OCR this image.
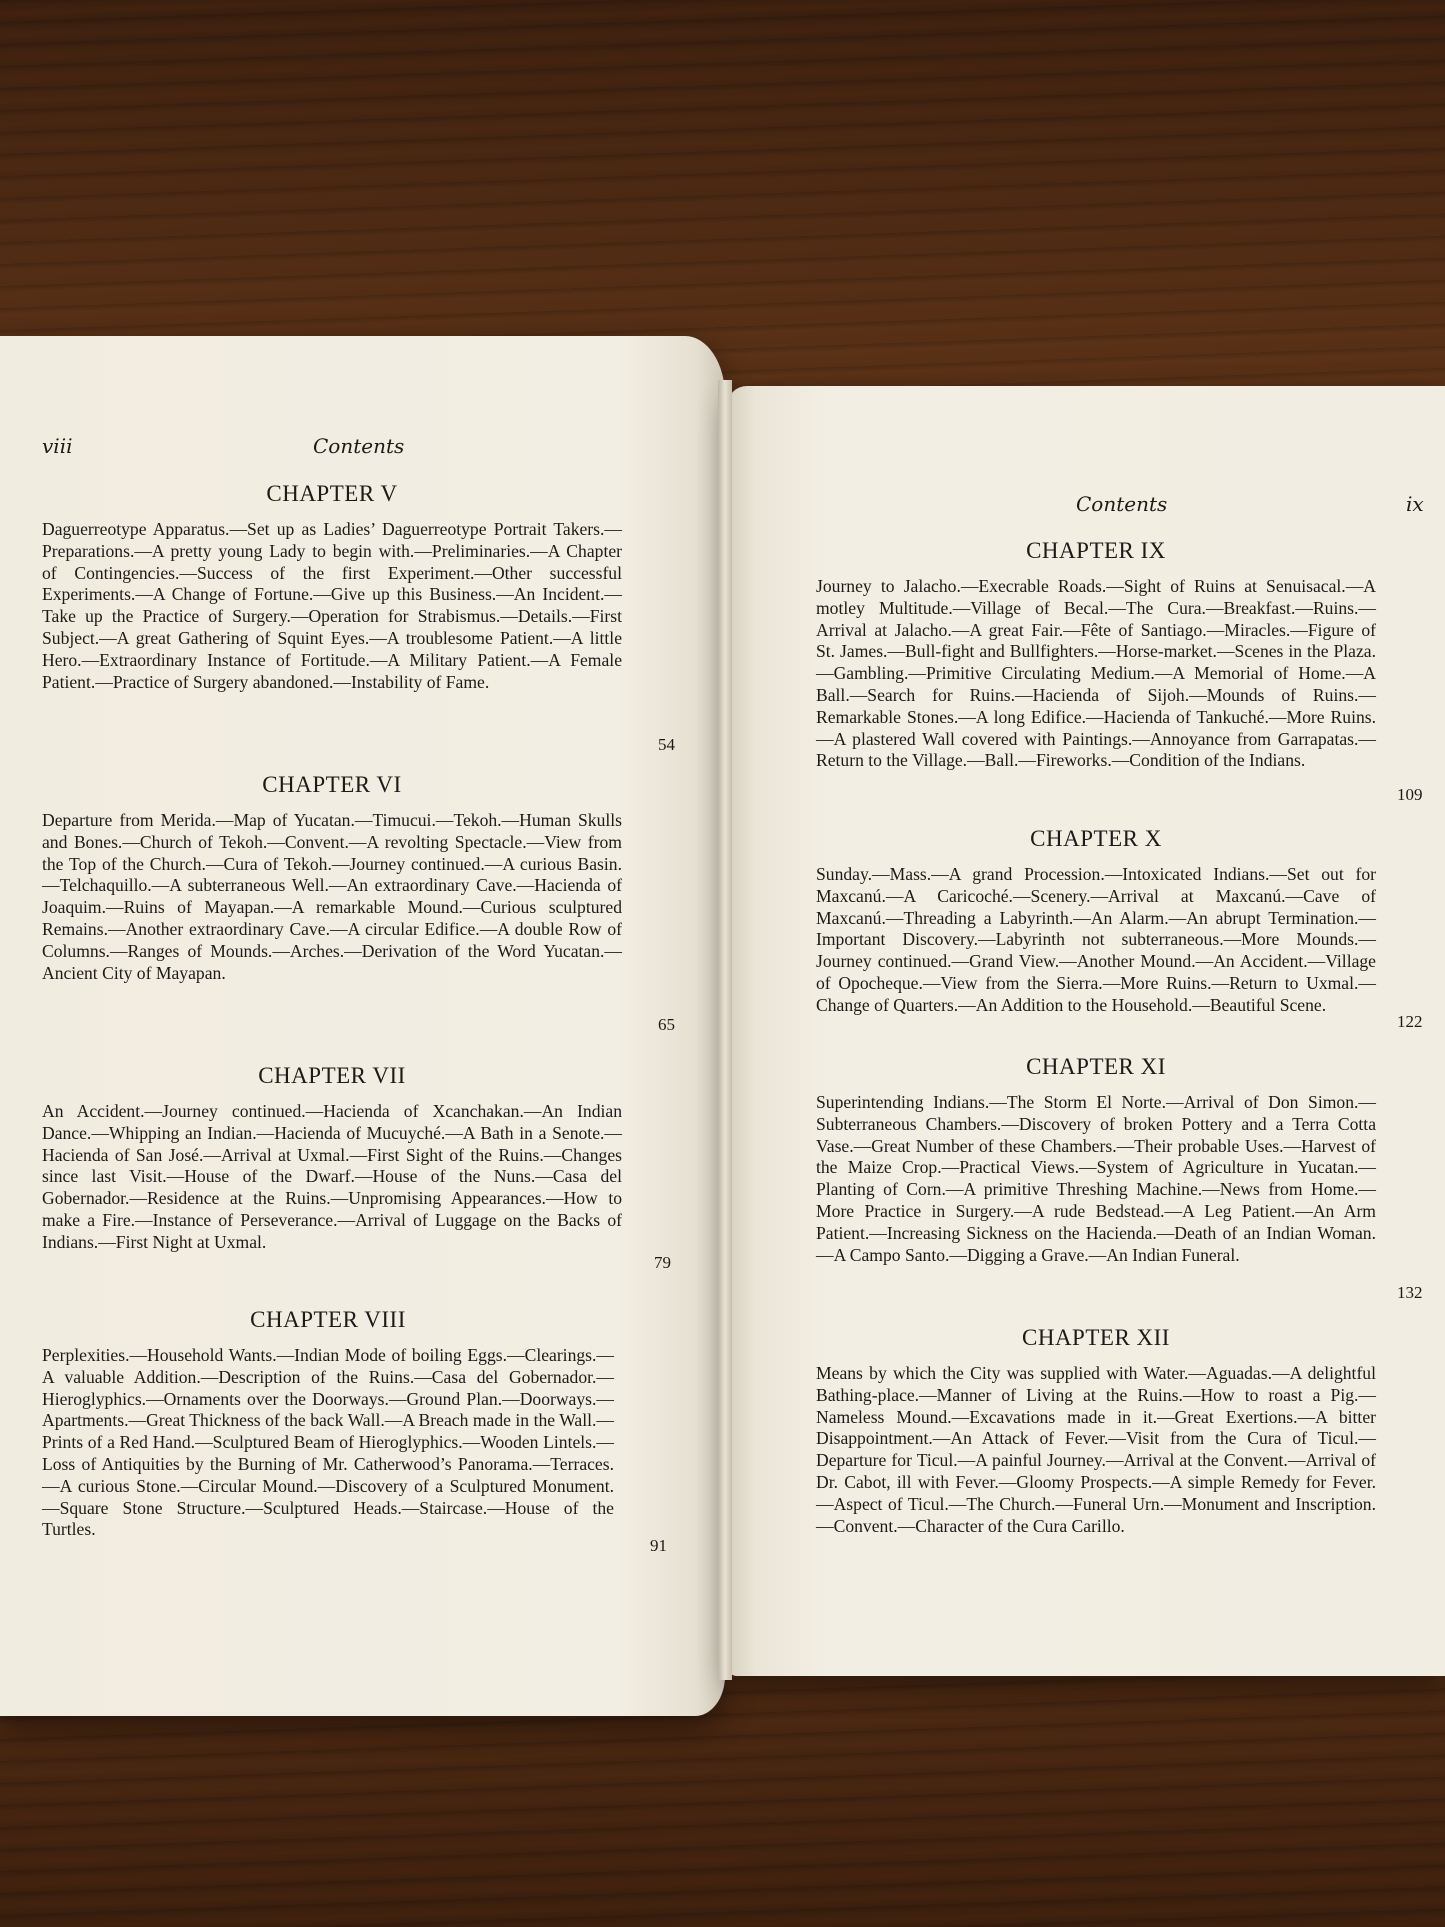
viii	Contents
CHAPTER V

Daguerreotype Apparatus.—Set up as Ladies’ Daguerreotype Portrait Takers.—Preparations.—A pretty young Lady to begin with.—Preliminaries.—A Chapter of Contingencies.—Success of the first Experiment.—Other successful Experiments.—A Change of Fortune.—Give up this Business.—An Incident.—Take up the Practice of Surgery.—Operation for Strabismus.—Details.—First Subject.—A great Gathering of Squint Eyes.—A troublesome Patient.—A little Hero.—Extraordinary Instance of Fortitude.—A Military Patient.—A Female Patient.—Practice of Surgery abandoned.—Instability of Fame.

54
CHAPTER VI

Departure from Merida.—Map of Yucatan.—Timucui.—Tekoh.—Human Skulls and Bones.—Church of Tekoh.—Convent.—A revolting Spectacle.—View from the Top of the Church.—Cura of Tekoh.—Journey continued.—A curious Basin.—Telchaquillo.—A subterraneous Well.—An extraordinary Cave.—Hacienda of Joaquim.—Ruins of Mayapan.—A remarkable Mound.—Curious sculptured Remains.—Another extraordinary Cave.—A circular Edifice.—A double Row of Columns.—Ranges of Mounds.—Arches.—Derivation of the Word Yucatan.—Ancient City of Mayapan.

65
CHAPTER VII

An Accident.—Journey continued.—Hacienda of Xcanchakan.—An Indian Dance.—Whipping an Indian.—Hacienda of Mucuyché.—A Bath in a Senote.—Hacienda of San José.—Arrival at Uxmal.—First Sight of the Ruins.—Changes since last Visit.—House of the Dwarf.—House of the Nuns.—Casa del Gobernador.—Residence at the Ruins.—Unpromising Appearances.—How to make a Fire.—Instance of Perseverance.—Arrival of Luggage on the Backs of Indians.—First Night at Uxmal.

79
CHAPTER VIII

Perplexities.—Household Wants.—Indian Mode of boiling Eggs.—Clearings.—A valuable Addition.—Description of the Ruins.—Casa del Gobernador.—Hieroglyphics.—Ornaments over the Doorways.—Ground Plan.—Doorways.—Apartments.—Great Thickness of the back Wall.—A Breach made in the Wall.—Prints of a Red Hand.—Sculptured Beam of Hieroglyphics.—Wooden Lintels.—Loss of Antiquities by the Burning of Mr. Catherwood’s Panorama.—Terraces.—A curious Stone.—Circular Mound.—Discovery of a Sculptured Monument.—Square Stone Structure.—Sculptured Heads.—Staircase.—House of the Turtles.

91
Contents	ix
CHAPTER IX

Journey to Jalacho.—Execrable Roads.—Sight of Ruins at Senuisacal.—A motley Multitude.—Village of Becal.—The Cura.—Breakfast.—Ruins.—Arrival at Jalacho.—A great Fair.—Fête of Santiago.—Miracles.—Figure of St. James.—Bull-fight and Bullfighters.—Horse-market.—Scenes in the Plaza.—Gambling.—Primitive Circulating Medium.—A Memorial of Home.—A Ball.—Search for Ruins.—Hacienda of Sijoh.—Mounds of Ruins.—Remarkable Stones.—A long Edifice.—Hacienda of Tankuché.—More Ruins.—A plastered Wall covered with Paintings.—Annoyance from Garrapatas.—Return to the Village.—Ball.—Fireworks.—Condition of the Indians.

109
CHAPTER X

Sunday.—Mass.—A grand Procession.—Intoxicated Indians.—Set out for Maxcanú.—A Caricoché.—Scenery.—Arrival at Maxcanú.—Cave of Maxcanú.—Threading a Labyrinth.—An Alarm.—An abrupt Termination.—Important Discovery.—Labyrinth not subterraneous.—More Mounds.—Journey continued.—Grand View.—Another Mound.—An Accident.—Village of Opocheque.—View from the Sierra.—More Ruins.—Return to Uxmal.—Change of Quarters.—An Addition to the Household.—Beautiful Scene.

122
CHAPTER XI

Superintending Indians.—The Storm El Norte.—Arrival of Don Simon.—Subterraneous Chambers.—Discovery of broken Pottery and a Terra Cotta Vase.—Great Number of these Chambers.—Their probable Uses.—Harvest of the Maize Crop.—Practical Views.—System of Agriculture in Yucatan.—Planting of Corn.—A primitive Threshing Machine.—News from Home.—More Practice in Surgery.—A rude Bedstead.—A Leg Patient.—An Arm Patient.—Increasing Sickness on the Hacienda.—Death of an Indian Woman.—A Campo Santo.—Digging a Grave.—An Indian Funeral.

132
CHAPTER XII

Means by which the City was supplied with Water.—Aguadas.—A delightful Bathing-place.—Manner of Living at the Ruins.—How to roast a Pig.—Nameless Mound.—Excavations made in it.—Great Exertions.—A bitter Disappointment.—An Attack of Fever.—Visit from the Cura of Ticul.—Departure for Ticul.—A painful Journey.—Arrival at the Convent.—Arrival of Dr. Cabot, ill with Fever.—Gloomy Prospects.—A simple Remedy for Fever.—Aspect of Ticul.—The Church.—Funeral Urn.—Monument and Inscription.—Convent.—Character of the Cura Carillo.
